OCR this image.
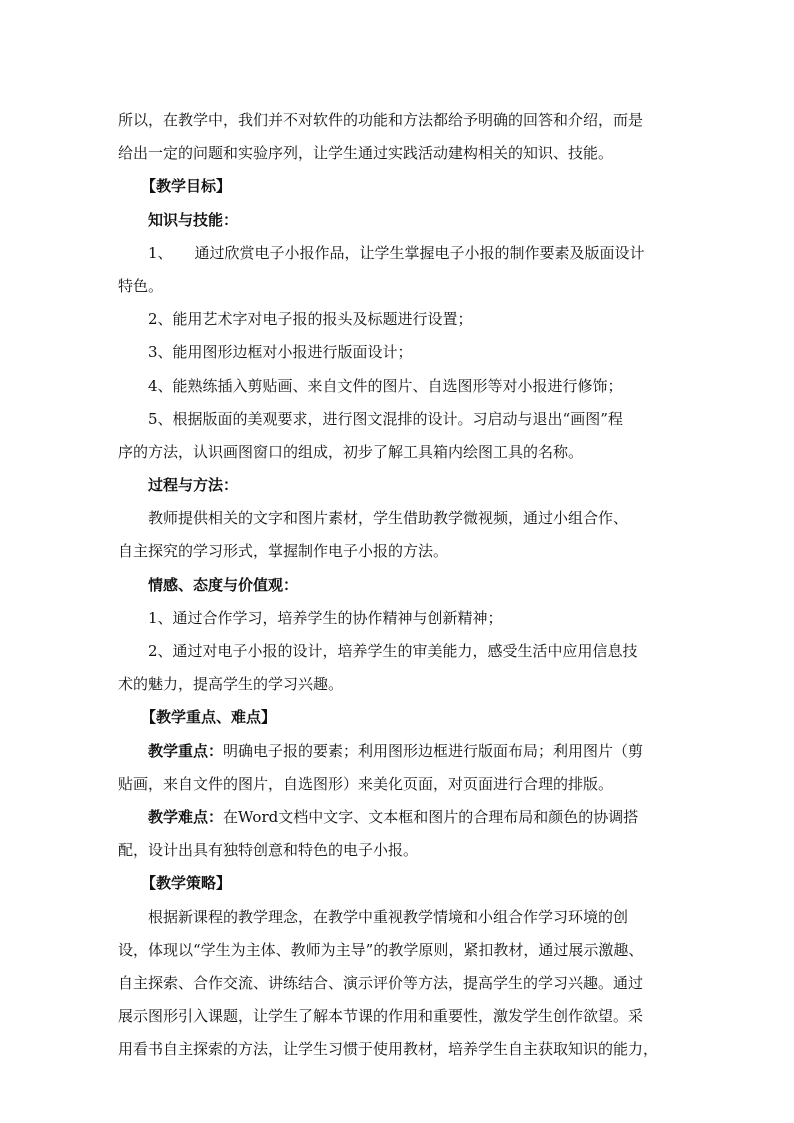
所以，在教学中，我们并不对软件的功能和方法都给予明确的回答和介绍，而是
给出一定的问题和实验序列，让学生通过实践活动建构相关的知识、技能。
【教学目标】
知识与技能：
1、 通过欣赏电子小报作品，让学生掌握电子小报的制作要素及版面设计
特色。
2、能用艺术字对电子报的报头及标题进行设置；
3、能用图形边框对小报进行版面设计；
4、能熟练插入剪贴画、来自文件的图片、自选图形等对小报进行修饰；
5、根据版面的美观要求，进行图文混排的设计。习启动与退出“画图”程
序的方法，认识画图窗口的组成，初步了解工具箱内绘图工具的名称。
过程与方法：
教师提供相关的文字和图片素材，学生借助教学微视频，通过小组合作、
自主探究的学习形式，掌握制作电子小报的方法。
情感、态度与价值观：
1、通过合作学习，培养学生的协作精神与创新精神；
2、通过对电子小报的设计，培养学生的审美能力，感受生活中应用信息技
术的魅力，提高学生的学习兴趣。
【教学重点、难点】
教学重点：明确电子报的要素；利用图形边框进行版面布局；利用图片（剪
贴画，来自文件的图片，自选图形）来美化页面，对页面进行合理的排版。
教学难点：在Word文档中文字、文本框和图片的合理布局和颜色的协调搭
配，设计出具有独特创意和特色的电子小报。
【教学策略】
根据新课程的教学理念，在教学中重视教学情境和小组合作学习环境的创
设，体现以“学生为主体、教师为主导”的教学原则，紧扣教材，通过展示激趣、
自主探索、合作交流、讲练结合、演示评价等方法，提高学生的学习兴趣。通过
展示图形引入课题，让学生了解本节课的作用和重要性，激发学生创作欲望。采
用看书自主探索的方法，让学生习惯于使用教材，培养学生自主获取知识的能力，
